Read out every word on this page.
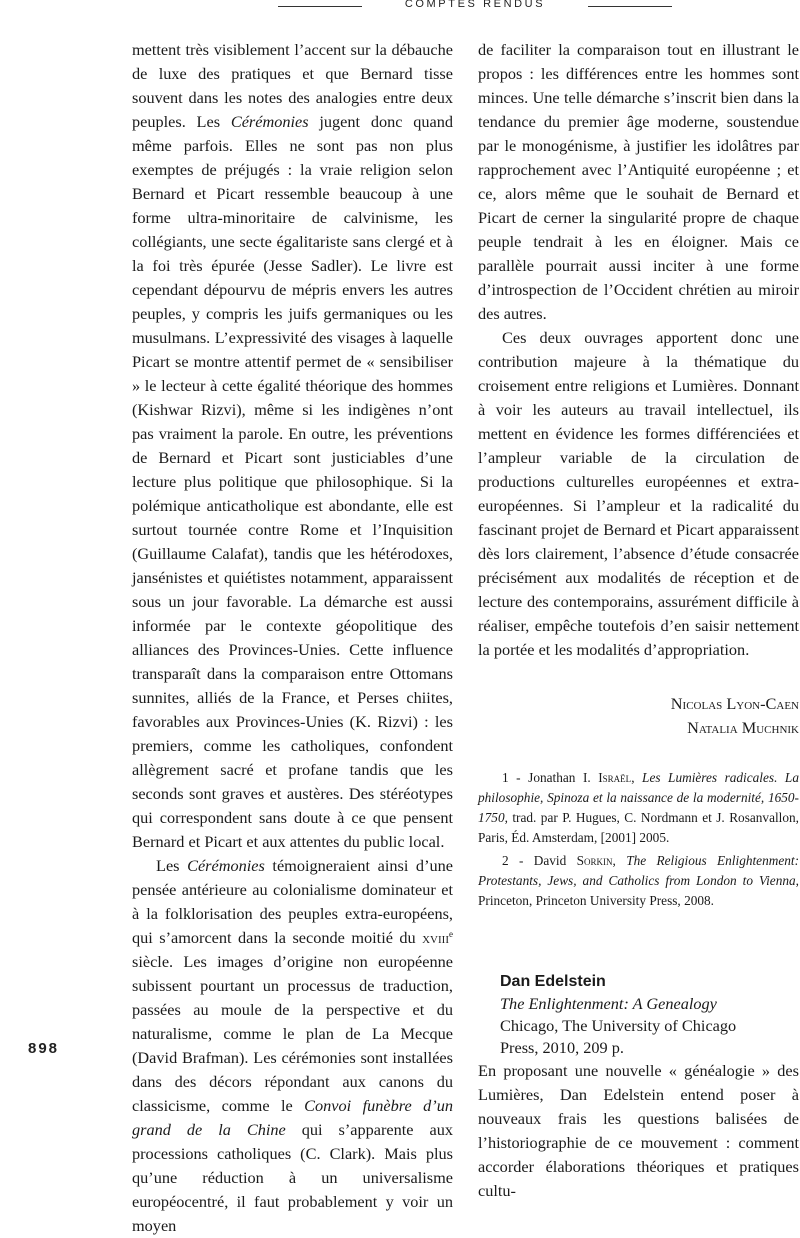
COMPTES RENDUS

mettent très visiblement l’accent sur la débauche de luxe des pratiques et que Bernard tisse souvent dans les notes des analogies entre deux peuples. Les Cérémonies jugent donc quand même parfois. Elles ne sont pas non plus exemptes de préjugés : la vraie religion selon Bernard et Picart ressemble beaucoup à une forme ultra-minoritaire de calvinisme, les collégiants, une secte égalitariste sans clergé et à la foi très épurée (Jesse Sadler). Le livre est cependant dépourvu de mépris envers les autres peuples, y compris les juifs germaniques ou les musulmans. L’expressivité des visages à laquelle Picart se montre attentif permet de « sensibiliser » le lecteur à cette égalité théorique des hommes (Kishwar Rizvi), même si les indigènes n’ont pas vraiment la parole. En outre, les préventions de Bernard et Picart sont justiciables d’une lecture plus politique que philosophique. Si la polémique anticatholique est abondante, elle est surtout tournée contre Rome et l’Inquisition (Guillaume Calafat), tandis que les hétérodoxes, jansénistes et quiétistes notamment, apparaissent sous un jour favorable. La démarche est aussi informée par le contexte géopolitique des alliances des Provinces-Unies. Cette influence transparaît dans la comparaison entre Ottomans sunnites, alliés de la France, et Perses chiites, favorables aux Provinces-Unies (K. Rizvi) : les premiers, comme les catholiques, confondent allègrement sacré et profane tandis que les seconds sont graves et austères. Des stéréotypes qui correspondent sans doute à ce que pensent Bernard et Picart et aux attentes du public local.

Les Cérémonies témoigneraient ainsi d’une pensée antérieure au colonialisme dominateur et à la folklorisation des peuples extra-européens, qui s’amorcent dans la seconde moitié du xviii$^e$ siècle. Les images d’origine non européenne subissent pourtant un processus de traduction, passées au moule de la perspective et du naturalisme, comme le plan de La Mecque (David Brafman). Les cérémonies sont installées dans des décors répondant aux canons du classicisme, comme le Convoi funèbre d’un grand de la Chine qui s’apparente aux processions catholiques (C. Clark). Mais plus qu’une réduction à un universalisme européocentré, il faut probablement y voir un moyen

de faciliter la comparaison tout en illustrant le propos : les différences entre les hommes sont minces. Une telle démarche s’inscrit bien dans la tendance du premier âge moderne, soustendue par le monogénisme, à justifier les idolâtres par rapprochement avec l’Antiquité européenne ; et ce, alors même que le souhait de Bernard et Picart de cerner la singularité propre de chaque peuple tendrait à les en éloigner. Mais ce parallèle pourrait aussi inciter à une forme d’introspection de l’Occident chrétien au miroir des autres.

Ces deux ouvrages apportent donc une contribution majeure à la thématique du croisement entre religions et Lumières. Donnant à voir les auteurs au travail intellectuel, ils mettent en évidence les formes différenciées et l’ampleur variable de la circulation de productions culturelles européennes et extra-européennes. Si l’ampleur et la radicalité du fascinant projet de Bernard et Picart apparaissent dès lors clairement, l’absence d’étude consacrée précisément aux modalités de réception et de lecture des contemporains, assurément difficile à réaliser, empêche toutefois d’en saisir nettement la portée et les modalités d’appropriation.

Nicolas Lyon-Caen
Natalia Muchnik

1 - Jonathan I. Israël, Les Lumières radicales. La philosophie, Spinoza et la naissance de la modernité, 1650-1750, trad. par P. Hugues, C. Nordmann et J. Rosanvallon, Paris, Éd. Amsterdam, [2001] 2005.

2 - David Sorkin, The Religious Enlightenment: Protestants, Jews, and Catholics from London to Vienna, Princeton, Princeton University Press, 2008.

Dan Edelstein
The Enlightenment: A Genealogy
Chicago, The University of Chicago
Press, 2010, 209 p.

En proposant une nouvelle « généalogie » des Lumières, Dan Edelstein entend poser à nouveaux frais les questions balisées de l’historiographie de ce mouvement : comment accorder élaborations théoriques et pratiques cultu-

898
